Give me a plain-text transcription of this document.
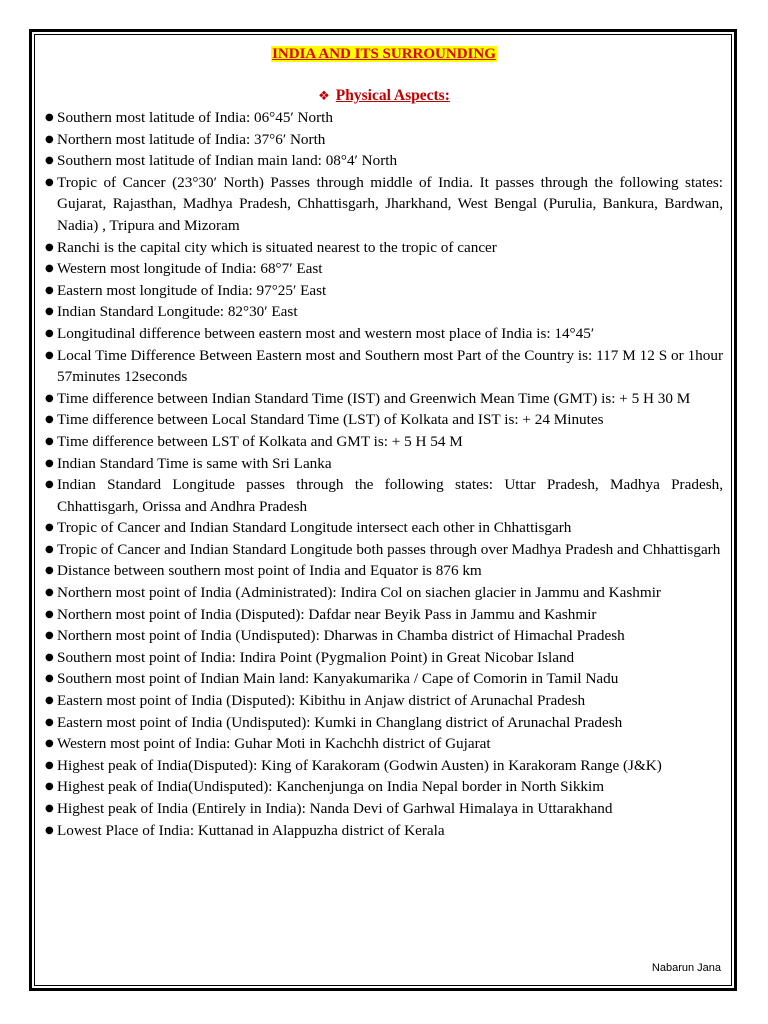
INDIA AND ITS SURROUNDING
❖ Physical Aspects:
● Southern most latitude of India: 06°45′ North
● Northern most latitude of India: 37°6′ North
● Southern most latitude of Indian main land: 08°4′ North
● Tropic of Cancer (23°30′ North) Passes through middle of India. It passes through the following states: Gujarat, Rajasthan, Madhya Pradesh, Chhattisgarh, Jharkhand, West Bengal (Purulia, Bankura, Bardwan, Nadia) , Tripura and Mizoram
● Ranchi is the capital city which is situated nearest to the tropic of cancer
● Western most longitude of India: 68°7′ East
● Eastern most longitude of India: 97°25′ East
● Indian Standard Longitude: 82°30′ East
● Longitudinal difference between eastern most and western most place of India is: 14°45′
● Local Time Difference Between Eastern most and Southern most Part of the Country is: 117 M 12 S or 1hour 57minutes 12seconds
● Time difference between Indian Standard Time (IST) and Greenwich Mean Time (GMT) is: + 5 H 30 M
● Time difference between Local Standard Time (LST) of Kolkata and IST is: + 24 Minutes
● Time difference between LST of Kolkata and GMT is: + 5 H 54 M
● Indian Standard Time is same with Sri Lanka
● Indian Standard Longitude passes through the following states: Uttar Pradesh, Madhya Pradesh, Chhattisgarh, Orissa and Andhra Pradesh
● Tropic of Cancer and Indian Standard Longitude intersect each other in Chhattisgarh
● Tropic of Cancer and Indian Standard Longitude both passes through over Madhya Pradesh and Chhattisgarh
● Distance between southern most point of India and Equator is 876 km
● Northern most point of India (Administrated): Indira Col on siachen glacier in Jammu and Kashmir
● Northern most point of India (Disputed): Dafdar near Beyik Pass in Jammu and Kashmir
● Northern most point of India (Undisputed): Dharwas in Chamba district of Himachal Pradesh
● Southern most point of India: Indira Point (Pygmalion Point) in Great Nicobar Island
● Southern most point of Indian Main land: Kanyakumarika / Cape of Comorin in Tamil Nadu
● Eastern most point of India (Disputed): Kibithu in Anjaw district of Arunachal Pradesh
● Eastern most point of India (Undisputed): Kumki in Changlang district of Arunachal Pradesh
● Western most point of India: Guhar Moti in Kachchh district of Gujarat
● Highest peak of India(Disputed): King of Karakoram (Godwin Austen) in Karakoram Range (J&K)
● Highest peak of India(Undisputed): Kanchenjunga on India Nepal border in North Sikkim
● Highest peak of India (Entirely in India): Nanda Devi of Garhwal Himalaya in Uttarakhand
● Lowest Place of India: Kuttanad in Alappuzha district of Kerala
Nabarun Jana
